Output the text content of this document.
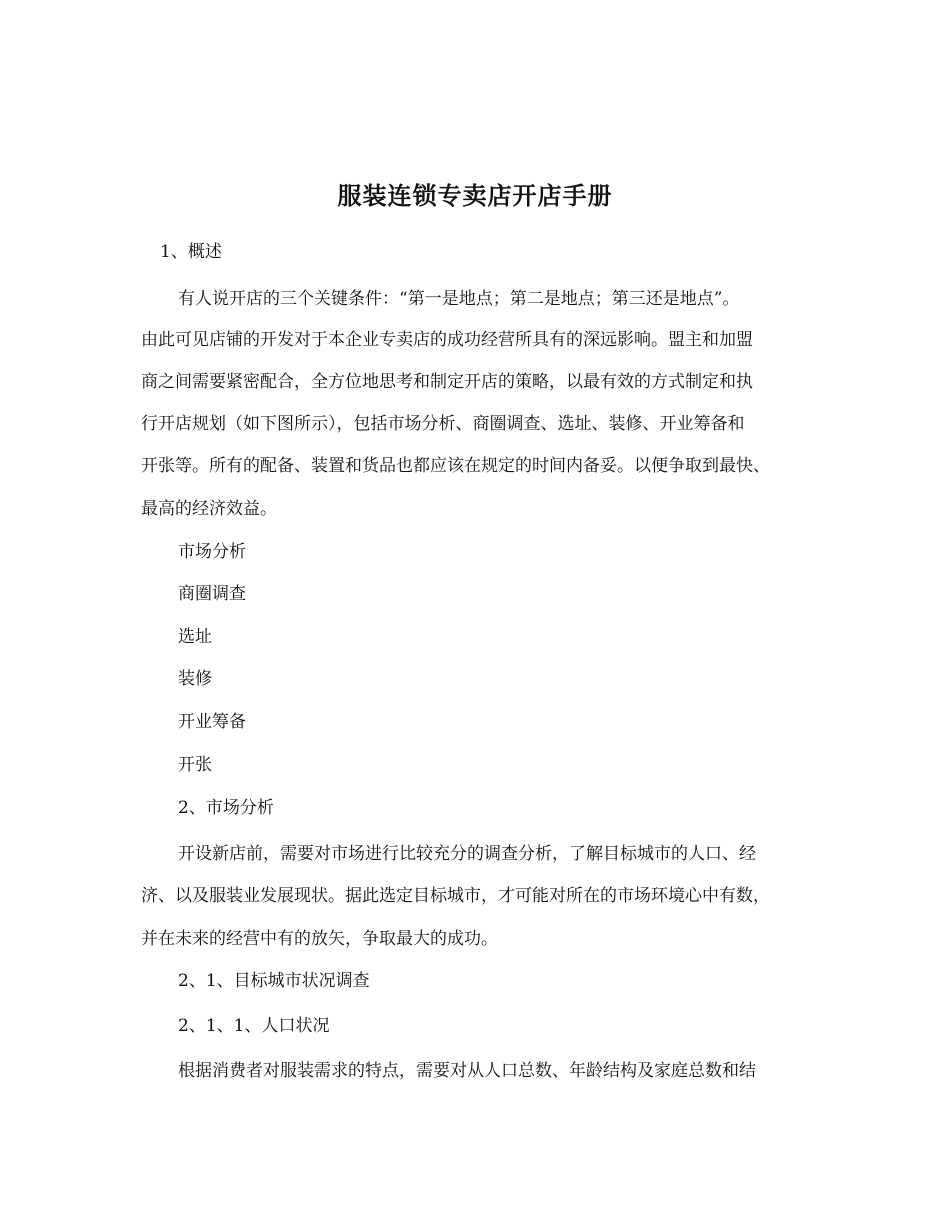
服装连锁专卖店开店手册
1、概述
有人说开店的三个关键条件：“第一是地点；第二是地点；第三还是地点”。
由此可见店铺的开发对于本企业专卖店的成功经营所具有的深远影响。盟主和加盟
商之间需要紧密配合，全方位地思考和制定开店的策略，以最有效的方式制定和执
行开店规划（如下图所示），包括市场分析、商圈调查、选址、装修、开业筹备和
开张等。所有的配备、装置和货品也都应该在规定的时间内备妥。以便争取到最快、
最高的经济效益。
市场分析
商圈调查
选址
装修
开业筹备
开张
2、市场分析
开设新店前，需要对市场进行比较充分的调查分析，了解目标城市的人口、经
济、以及服装业发展现状。据此选定目标城市，才可能对所在的市场环境心中有数，
并在未来的经营中有的放矢，争取最大的成功。
2、1、目标城市状况调查
2、1、1、人口状况
根据消费者对服装需求的特点，需要对从人口总数、年龄结构及家庭总数和结
